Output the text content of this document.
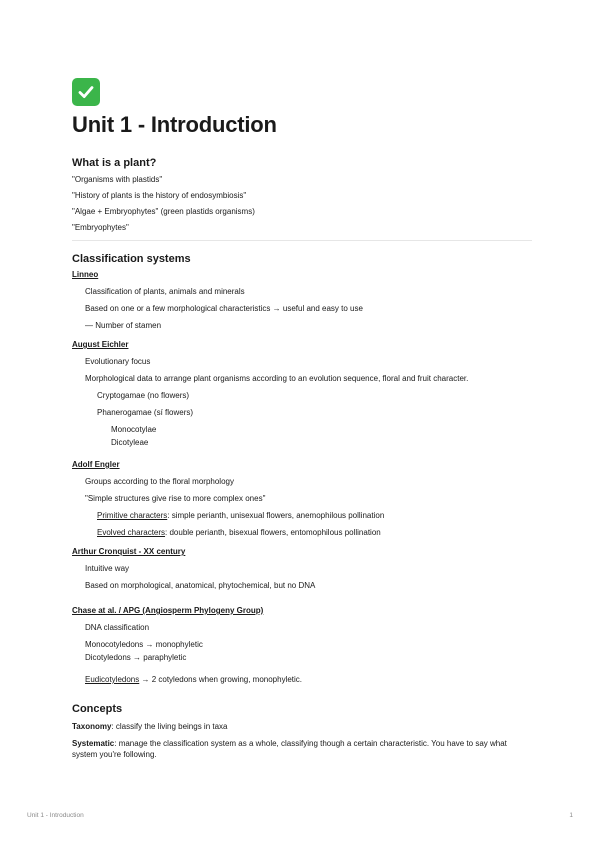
Unit 1 - Introduction
What is a plant?
"Organisms with plastids"
"History of plants is the history of endosymbiosis"
"Algae + Embryophytes" (green plastids organisms)
"Embryophytes"
Classification systems
Linneo
Classification of plants, animals and minerals
Based on one or a few morphological characteristics → useful and easy to use
— Number of stamen
August Eichler
Evolutionary focus
Morphological data to arrange plant organisms according to an evolution sequence, floral and fruit character.
Cryptogamae (no flowers)
Phanerogamae (sí flowers)
Monocotylae
Dicotyleae
Adolf Engler
Groups according to the floral morphology
"Simple structures give rise to more complex ones"
Primitive characters: simple perianth, unisexual flowers, anemophilous pollination
Evolved characters: double perianth, bisexual flowers, entomophilous pollination
Arthur Cronquist - XX century
Intuitive way
Based on morphological, anatomical, phytochemical, but no DNA
Chase at al. / APG (Angiosperm Phylogeny Group)
DNA classification
Monocotyledons → monophyletic
Dicotyledons → paraphyletic
Eudicotyledons → 2 cotyledons when growing, monophyletic.
Concepts
Taxonomy: classify the living beings in taxa
Systematic: manage the classification system as a whole, classifying though a certain characteristic. You have to say what system you're following.
Unit 1 - Introduction	1
